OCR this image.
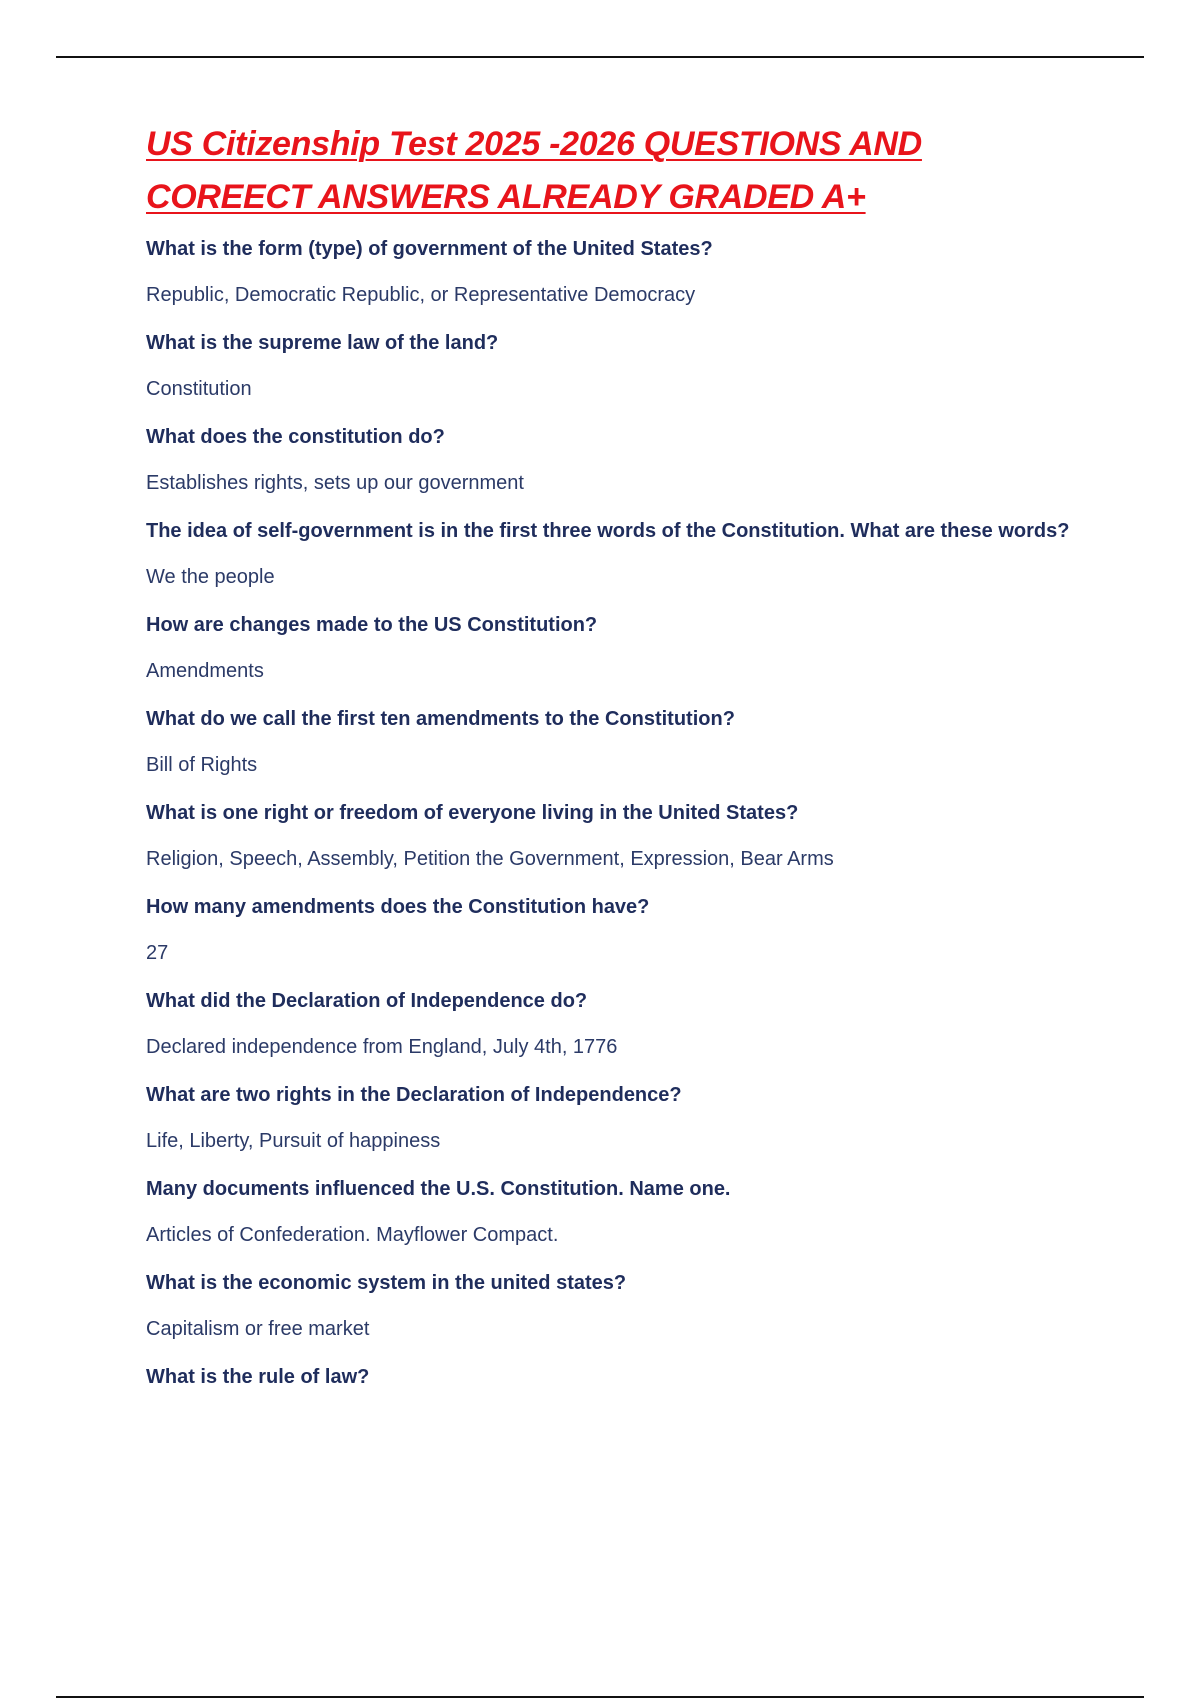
US Citizenship Test 2025 -2026 QUESTIONS AND COREECT ANSWERS ALREADY GRADED A+
What is the form (type) of government of the United States?
Republic, Democratic Republic, or Representative Democracy
What is the supreme law of the land?
Constitution
What does the constitution do?
Establishes rights, sets up our government
The idea of self-government is in the first three words of the Constitution. What are these words?
We the people
How are changes made to the US Constitution?
Amendments
What do we call the first ten amendments to the Constitution?
Bill of Rights
What is one right or freedom of everyone living in the United States?
Religion, Speech, Assembly, Petition the Government, Expression, Bear Arms
How many amendments does the Constitution have?
27
What did the Declaration of Independence do?
Declared independence from England, July 4th, 1776
What are two rights in the Declaration of Independence?
Life, Liberty, Pursuit of happiness
Many documents influenced the U.S. Constitution. Name one.
Articles of Confederation. Mayflower Compact.
What is the economic system in the united states?
Capitalism or free market
What is the rule of law?
